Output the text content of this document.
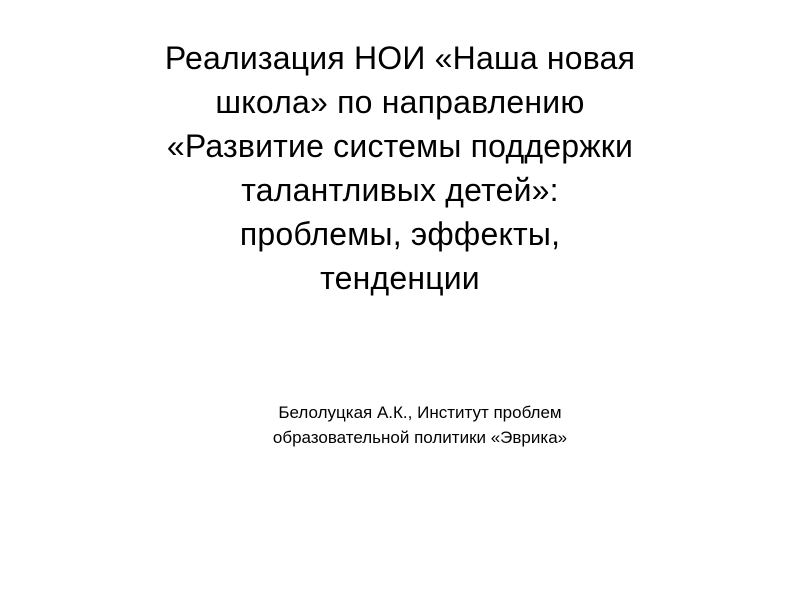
Реализация НОИ «Наша новая
школа» по направлению
«Развитие системы поддержки
талантливых детей»:
проблемы, эффекты,
тенденции
Белолуцкая А.К., Институт проблем
образовательной политики «Эврика»
